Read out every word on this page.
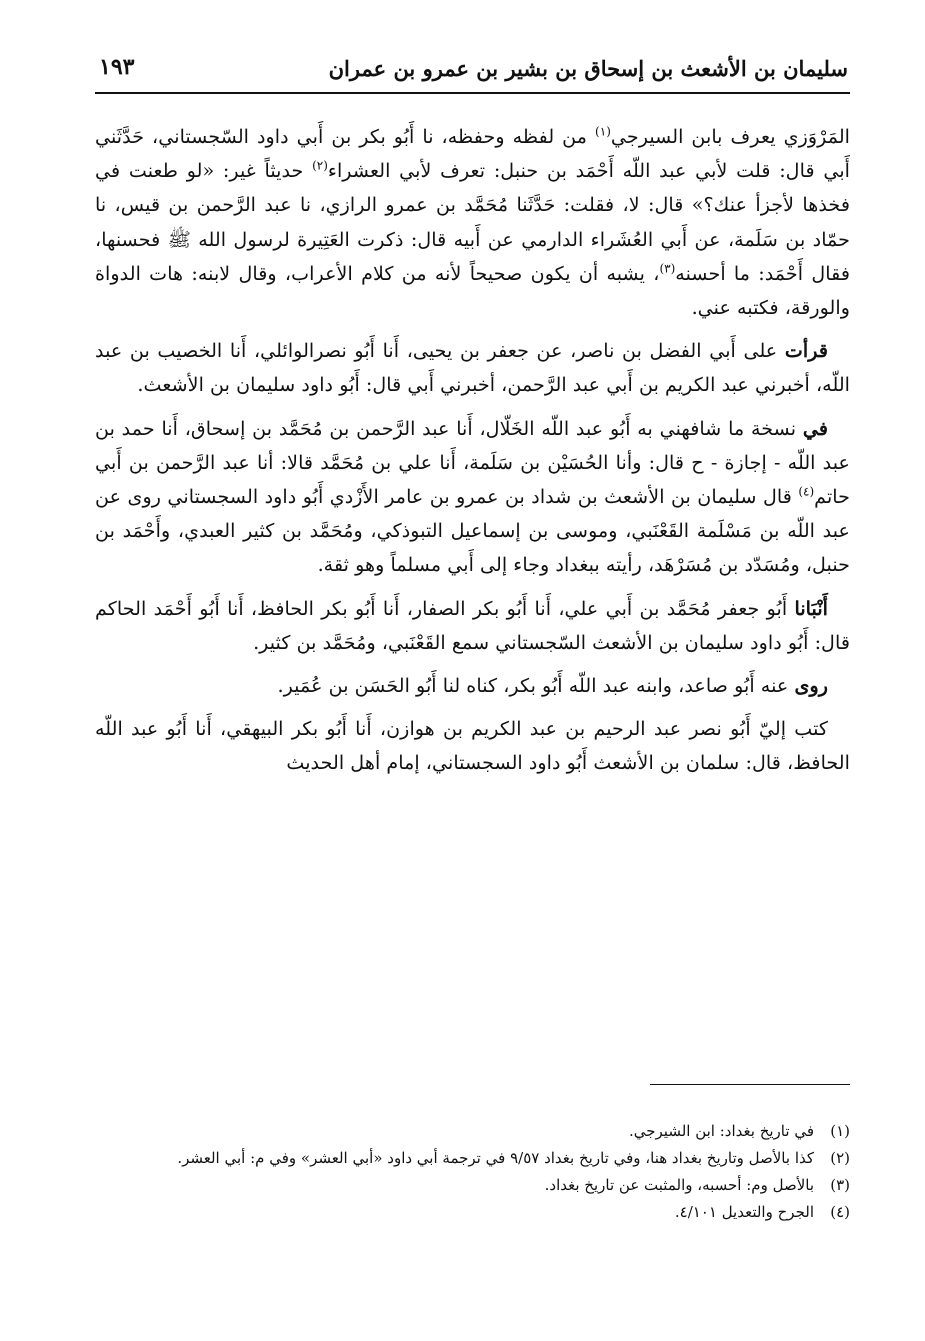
سليمان بن الأشعث بن إسحاق بن بشير بن عمرو بن عمران
١٩٣

المَرْوَزي يعرف بابن السيرجي$^{(١)}$ من لفظه وحفظه، نا أَبُو بكر بن أَبي داود السّجستاني، حَدَّثَني أَبي قال: قلت لأبي عبد اللّه أَحْمَد بن حنبل: تعرف لأبي العشراء$^{(٢)}$ حديثاً غير: «لو طعنت في فخذها لأجزأ عنك؟» قال: لا، فقلت: حَدَّثَنا مُحَمَّد بن عمرو الرازي، نا عبد الرَّحمن بن قيس، نا حمّاد بن سَلَمة، عن أَبي العُشَراء الدارمي عن أَبيه قال: ذكرت العَتِيرة لرسول الله ﷺ فحسنها، فقال أَحْمَد: ما أحسنه$^{(٣)}$، يشبه أن يكون صحيحاً لأنه من كلام الأعراب، وقال لابنه: هات الدواة والورقة، فكتبه عني.

قرأت على أَبي الفضل بن ناصر، عن جعفر بن يحيى، أَنا أَبُو نصرالوائلي، أَنا الخصيب بن عبد اللّه، أخبرني عبد الكريم بن أَبي عبد الرَّحمن، أخبرني أَبي قال: أَبُو داود سليمان بن الأشعث.

في نسخة ما شافهني به أَبُو عبد اللّه الخَلّال، أَنا عبد الرَّحمن بن مُحَمَّد بن إسحاق، أَنا حمد بن عبد اللّه - إجازة - ح قال: وأنا الحُسَيْن بن سَلَمة، أَنا علي بن مُحَمَّد قالا: أنا عبد الرَّحمن بن أَبي حاتم$^{(٤)}$ قال سليمان بن الأشعث بن شداد بن عمرو بن عامر الأَزْدي أَبُو داود السجستاني روى عن عبد اللّه بن مَسْلَمة القَعْنَبي، وموسى بن إسماعيل التبوذكي، ومُحَمَّد بن كثير العبدي، وأَحْمَد بن حنبل، ومُسَدّد بن مُسَرْهَد، رأيته ببغداد وجاء إلى أَبي مسلماً وهو ثقة.

أَنْبَانا أَبُو جعفر مُحَمَّد بن أَبي علي، أَنا أَبُو بكر الصفار، أَنا أَبُو بكر الحافظ، أَنا أَبُو أَحْمَد الحاكم قال: أَبُو داود سليمان بن الأشعث السّجستاني سمع القَعْنَبي، ومُحَمَّد بن كثير.

روى عنه أَبُو صاعد، وابنه عبد اللّه أَبُو بكر، كناه لنا أَبُو الحَسَن بن عُمَير.

كتب إليّ أَبُو نصر عبد الرحيم بن عبد الكريم بن هوازن، أَنا أَبُو بكر البيهقي، أَنا أَبُو عبد اللّه الحافظ، قال: سلمان بن الأشعث أَبُو داود السجستاني، إمام أهل الحديث

(١)
في تاريخ بغداد: ابن الشيرجي.
(٢)
كذا بالأصل وتاريخ بغداد هنا، وفي تاريخ بغداد ٩/٥٧ في ترجمة أبي داود «أبي العشر» وفي م: أبي العشر.
(٣)
بالأصل وم: أحسبه، والمثبت عن تاريخ بغداد.
(٤)
الجرح والتعديل ٤/١٠١.
